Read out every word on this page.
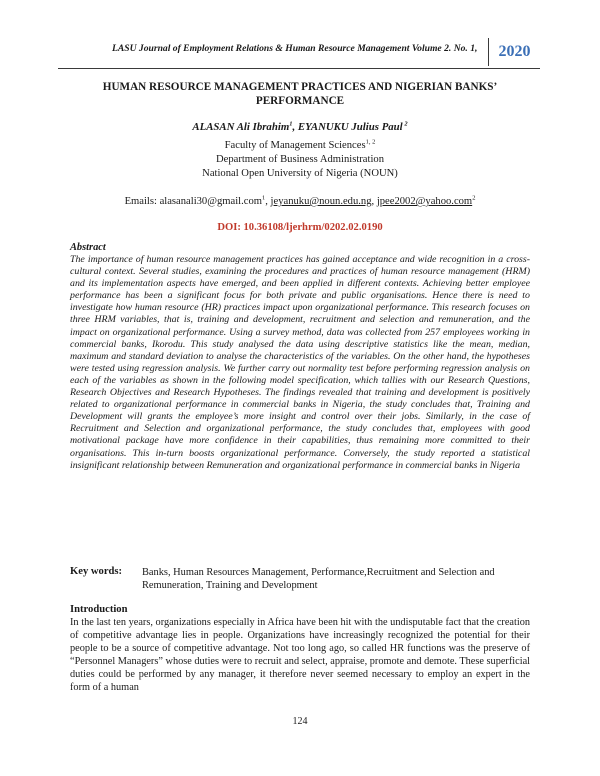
LASU Journal of Employment Relations & Human Resource Management Volume 2. No. 1,	2020
HUMAN RESOURCE MANAGEMENT PRACTICES AND NIGERIAN BANKS’ PERFORMANCE
ALASAN Ali Ibrahim$^1$, EYANUKU Julius Paul $^2$
Faculty of Management Sciences$^{1, 2}$
Department of Business Administration
National Open University of Nigeria (NOUN)
Emails: alasanali30@gmail.com$^1$, jeyanuku@noun.edu.ng, jpee2002@yahoo.com$^2$
DOI: 10.36108/ljerhrm/0202.02.0190
Abstract
The importance of human resource management practices has gained acceptance and wide recognition in a cross-cultural context. Several studies, examining the procedures and practices of human resource management (HRM) and its implementation aspects have emerged, and been applied in different contexts. Achieving better employee performance has been a significant focus for both private and public organisations. Hence there is need to investigate how human resource (HR) practices impact upon organizational performance. This research focuses on three HRM variables, that is, training and development, recruitment and selection and remuneration, and the impact on organizational performance. Using a survey method, data was collected from 257 employees working in commercial banks, Ikorodu. This study analysed the data using descriptive statistics like the mean, median, maximum and standard deviation to analyse the characteristics of the variables. On the other hand, the hypotheses were tested using regression analysis. We further carry out normality test before performing regression analysis on each of the variables as shown in the following model specification, which tallies with our Research Questions, Research Objectives and Research Hypotheses. The findings revealed that training and development is positively related to organizational performance in commercial banks in Nigeria, the study concludes that, Training and Development will grants the employee’s more insight and control over their jobs. Similarly, in the case of Recruitment and Selection and organizational performance, the study concludes that, employees with good motivational package have more confidence in their capabilities, thus remaining more committed to their organisations. This in-turn boosts organizational performance. Conversely, the study reported a statistical insignificant relationship between Remuneration and organizational performance in commercial banks in Nigeria
Key words: Banks, Human Resources Management, Performance,Recruitment and Selection and Remuneration, Training and Development
Introduction
In the last ten years, organizations especially in Africa have been hit with the undisputable fact that the creation of competitive advantage lies in people. Organizations have increasingly recognized the potential for their people to be a source of competitive advantage. Not too long ago, so called HR functions was the preserve of “Personnel Managers” whose duties were to recruit and select, appraise, promote and demote. These superficial duties could be performed by any manager, it therefore never seemed necessary to employ an expert in the form of a human
124
